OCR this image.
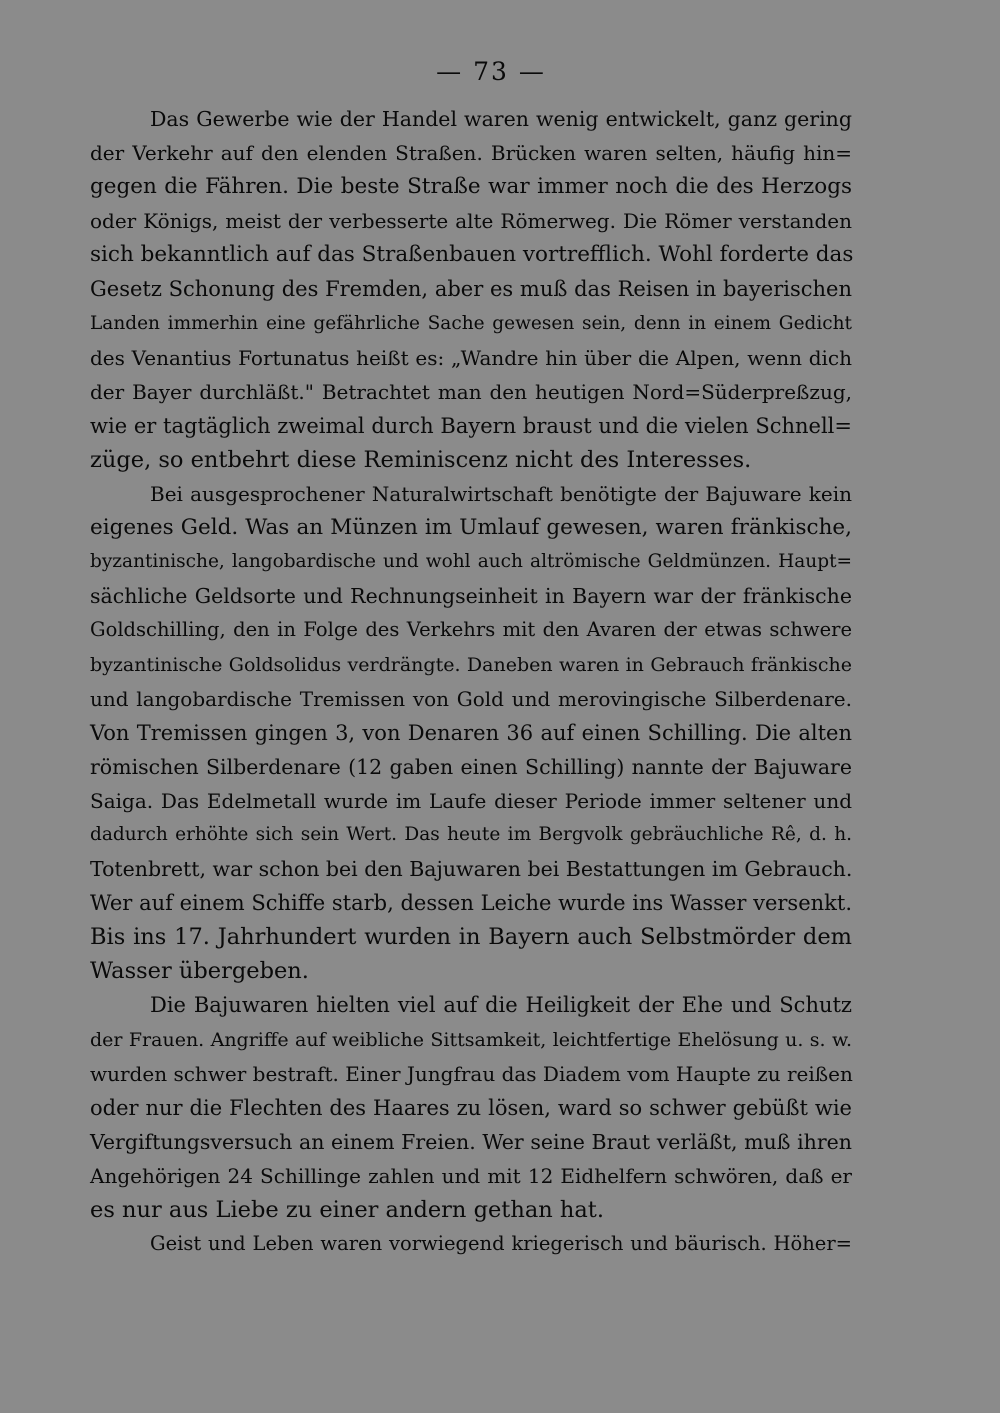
— 73 —
Das Gewerbe wie der Handel waren wenig entwickelt, ganz gering
der Verkehr auf den elenden Straßen. Brücken waren selten, häufig hin=
gegen die Fähren. Die beste Straße war immer noch die des Herzogs
oder Königs, meist der verbesserte alte Römerweg. Die Römer verstanden
sich bekanntlich auf das Straßenbauen vortrefflich. Wohl forderte das
Gesetz Schonung des Fremden, aber es muß das Reisen in bayerischen
Landen immerhin eine gefährliche Sache gewesen sein, denn in einem Gedicht
des Venantius Fortunatus heißt es: „Wandre hin über die Alpen, wenn dich
der Bayer durchläßt." Betrachtet man den heutigen Nord=Süderpreßzug,
wie er tagtäglich zweimal durch Bayern braust und die vielen Schnell=
züge, so entbehrt diese Reminiscenz nicht des Interesses.
Bei ausgesprochener Naturalwirtschaft benötigte der Bajuware kein
eigenes Geld. Was an Münzen im Umlauf gewesen, waren fränkische,
byzantinische, langobardische und wohl auch altrömische Geldmünzen. Haupt=
sächliche Geldsorte und Rechnungseinheit in Bayern war der fränkische
Goldschilling, den in Folge des Verkehrs mit den Avaren der etwas schwere
byzantinische Goldsolidus verdrängte. Daneben waren in Gebrauch fränkische
und langobardische Tremissen von Gold und merovingische Silberdenare.
Von Tremissen gingen 3, von Denaren 36 auf einen Schilling. Die alten
römischen Silberdenare (12 gaben einen Schilling) nannte der Bajuware
Saiga. Das Edelmetall wurde im Laufe dieser Periode immer seltener und
dadurch erhöhte sich sein Wert. Das heute im Bergvolk gebräuchliche Rê, d. h.
Totenbrett, war schon bei den Bajuwaren bei Bestattungen im Gebrauch.
Wer auf einem Schiffe starb, dessen Leiche wurde ins Wasser versenkt.
Bis ins 17. Jahrhundert wurden in Bayern auch Selbstmörder dem
Wasser übergeben.
Die Bajuwaren hielten viel auf die Heiligkeit der Ehe und Schutz
der Frauen. Angriffe auf weibliche Sittsamkeit, leichtfertige Ehelösung u. s. w.
wurden schwer bestraft. Einer Jungfrau das Diadem vom Haupte zu reißen
oder nur die Flechten des Haares zu lösen, ward so schwer gebüßt wie
Vergiftungsversuch an einem Freien. Wer seine Braut verläßt, muß ihren
Angehörigen 24 Schillinge zahlen und mit 12 Eidhelfern schwören, daß er
es nur aus Liebe zu einer andern gethan hat.
Geist und Leben waren vorwiegend kriegerisch und bäurisch. Höher=
